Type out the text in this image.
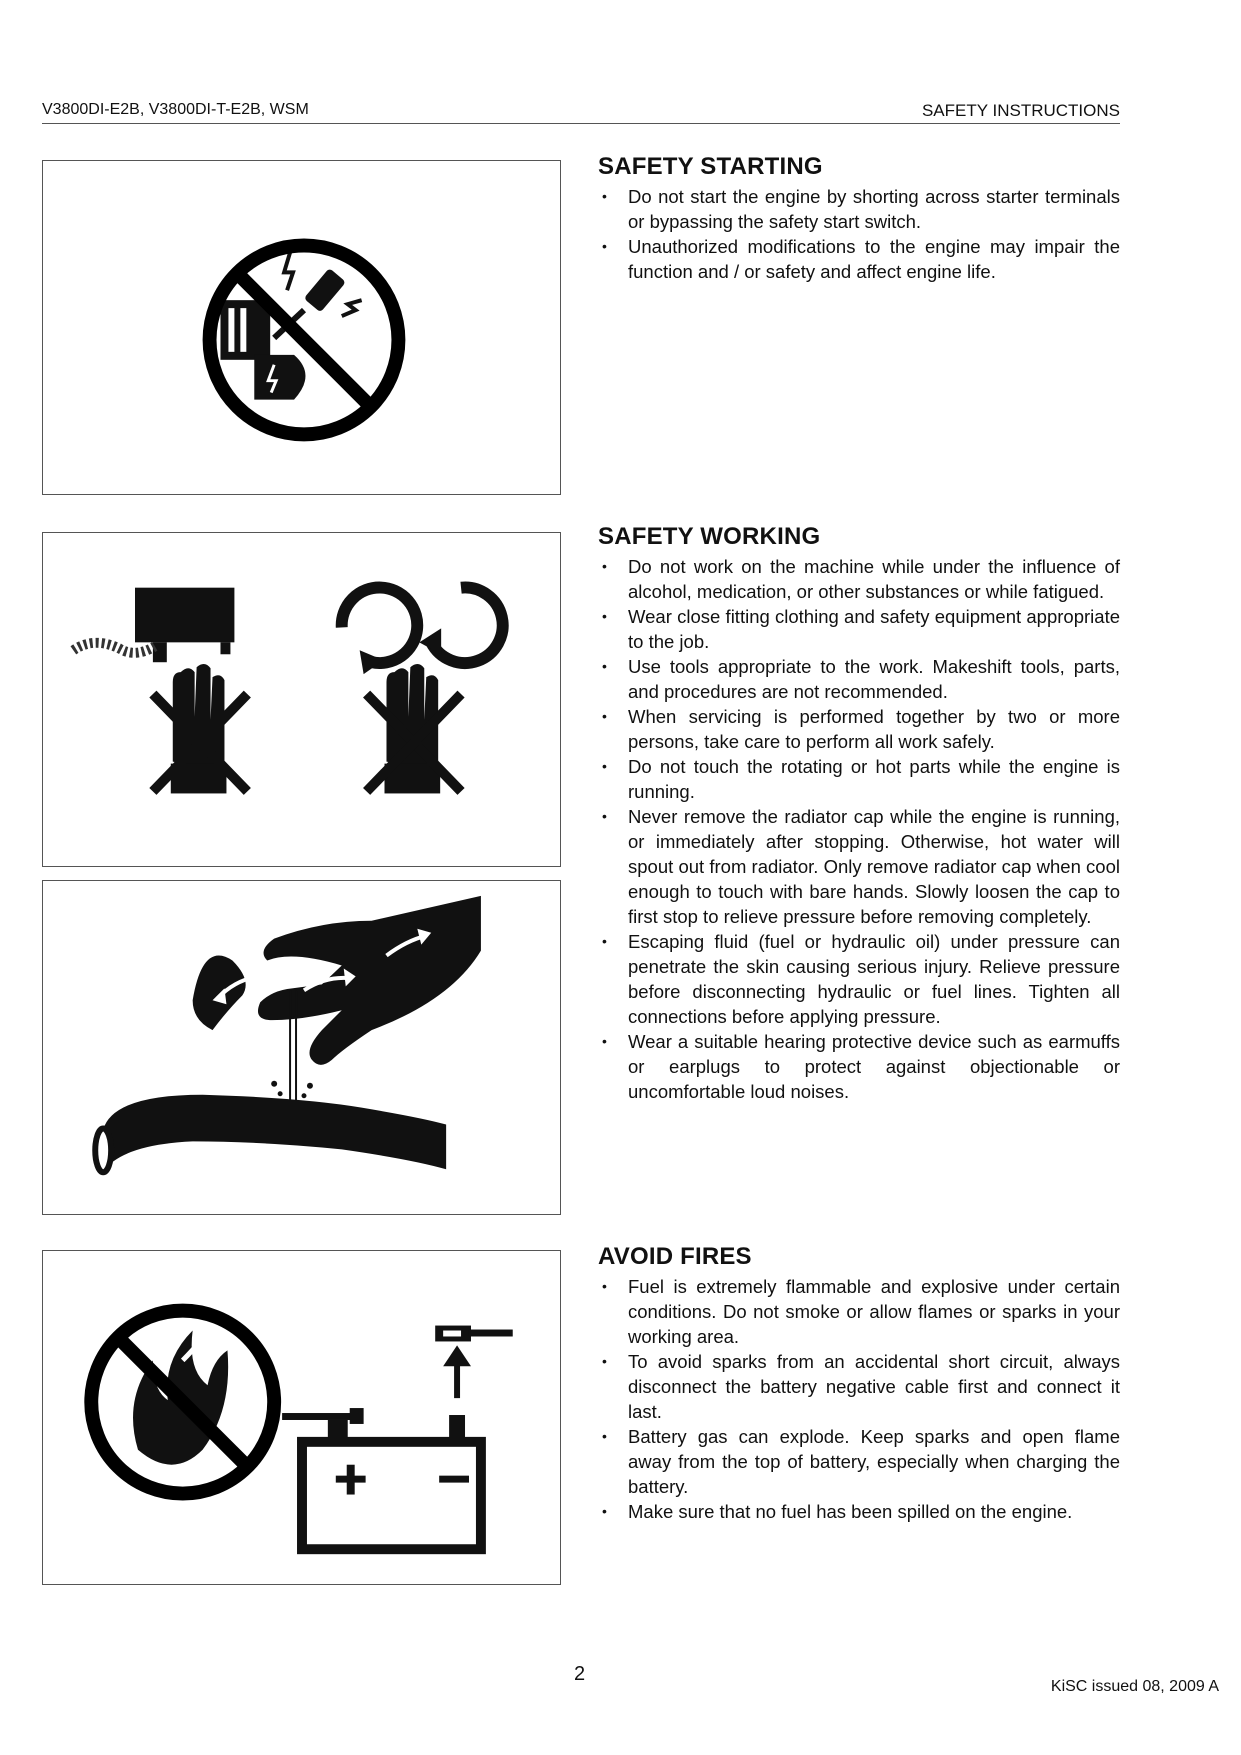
V3800DI-E2B, V3800DI-T-E2B, WSM	SAFETY INSTRUCTIONS
SAFETY STARTING
• Do not start the engine by shorting across starter terminals or bypassing the safety start switch.
• Unauthorized modifications to the engine may impair the function and / or safety and affect engine life.
SAFETY WORKING
• Do not work on the machine while under the influence of alcohol, medication, or other substances or while fatigued.
• Wear close fitting clothing and safety equipment appropriate to the job.
• Use tools appropriate to the work. Makeshift tools, parts, and procedures are not recommended.
• When servicing is performed together by two or more persons, take care to perform all work safely.
• Do not touch the rotating or hot parts while the engine is running.
• Never remove the radiator cap while the engine is running, or immediately after stopping. Otherwise, hot water will spout out from radiator. Only remove radiator cap when cool enough to touch with bare hands. Slowly loosen the cap to first stop to relieve pressure before removing completely.
• Escaping fluid (fuel or hydraulic oil) under pressure can penetrate the skin causing serious injury. Relieve pressure before disconnecting hydraulic or fuel lines. Tighten all connections before applying pressure.
• Wear a suitable hearing protective device such as earmuffs or earplugs to protect against objectionable or uncomfortable loud noises.
AVOID FIRES
• Fuel is extremely flammable and explosive under certain conditions. Do not smoke or allow flames or sparks in your working area.
• To avoid sparks from an accidental short circuit, always disconnect the battery negative cable first and connect it last.
• Battery gas can explode. Keep sparks and open flame away from the top of battery, especially when charging the battery.
• Make sure that no fuel has been spilled on the engine.
2
KiSC issued 08, 2009 A
